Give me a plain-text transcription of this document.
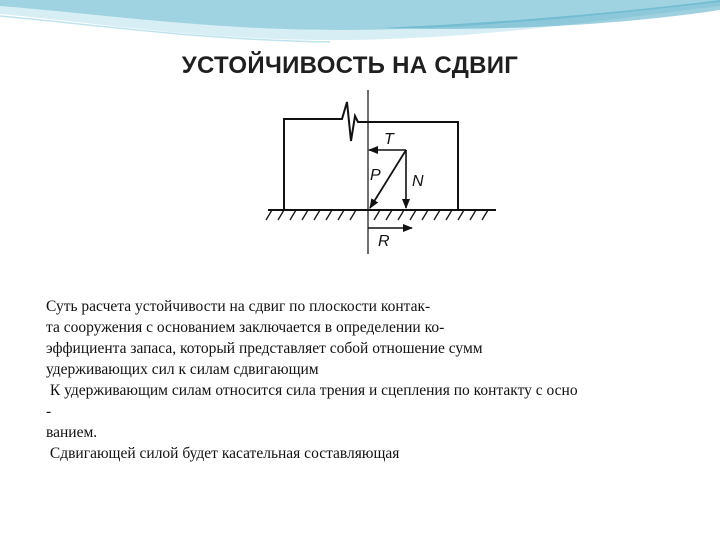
УСТОЙЧИВОСТЬ НА СДВИГ
T
P N
R
Суть расчета устойчивости на сдвиг по плоскости контак-
та сооружения с основанием заключается в определении ко-
эффициента запаса, который представляет собой отношение сумм
удерживающих сил к силам сдвигающим
К удерживающим силам относится сила трения и сцепления по контакту с осно
-
ванием.
Сдвигающей силой будет касательная составляющая
